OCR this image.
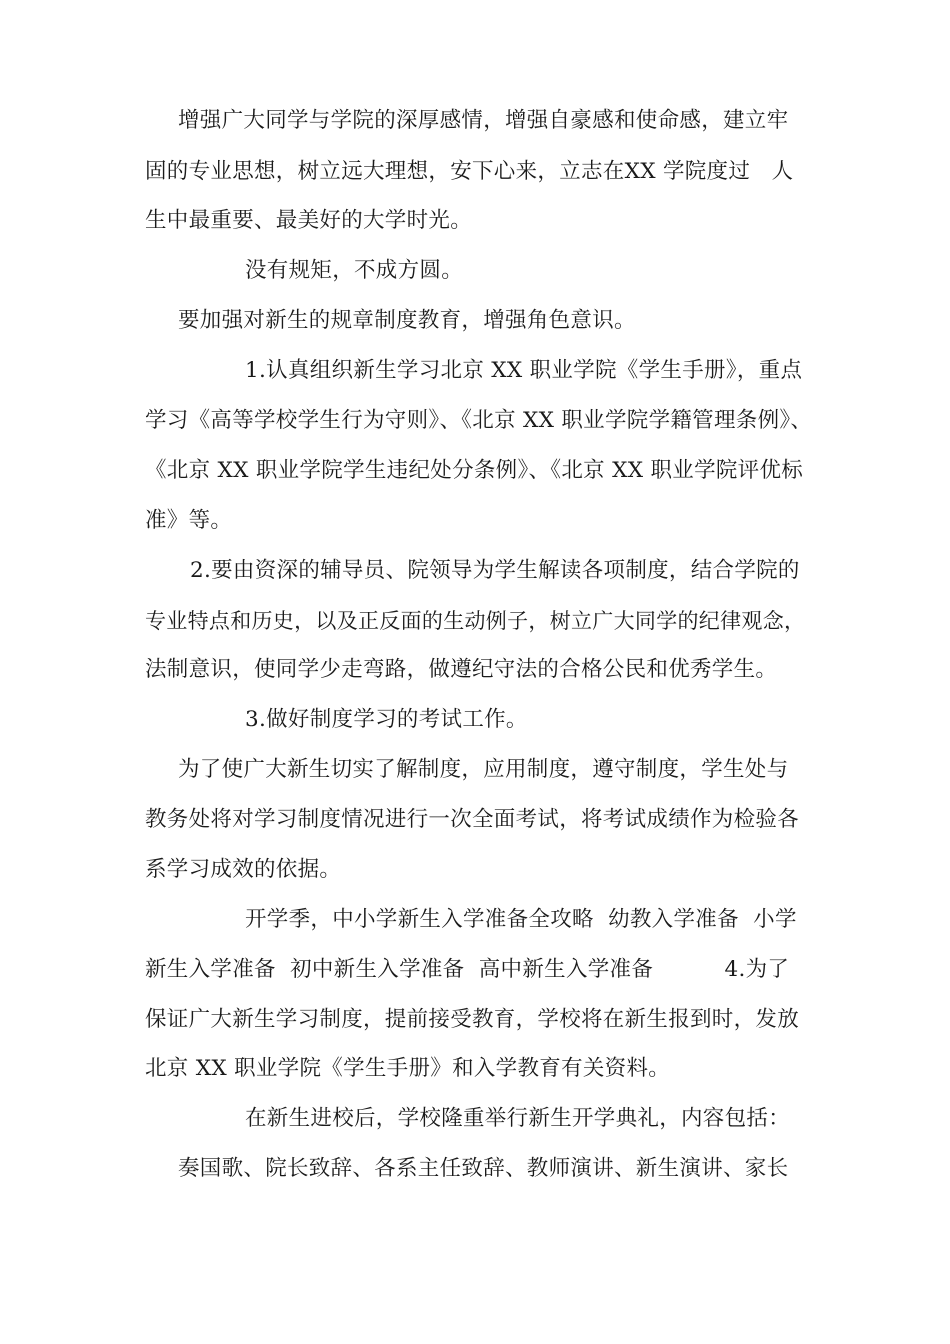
增强广大同学与学院的深厚感情，增强自豪感和使命感，建立牢
固的专业思想，树立远大理想，安下心来，立志在XX 学院度过   人
生中最重要、最美好的大学时光。
没有规矩，不成方圆。
要加强对新生的规章制度教育，增强角色意识。
1.认真组织新生学习北京 XX 职业学院《学生手册》，重点
学习《高等学校学生行为守则》、《北京 XX 职业学院学籍管理条例》、
《北京 XX 职业学院学生违纪处分条例》、《北京 XX 职业学院评优标
准》等。
2.要由资深的辅导员、院领导为学生解读各项制度，结合学院的
专业特点和历史，以及正反面的生动例子，树立广大同学的纪律观念，
法制意识，使同学少走弯路，做遵纪守法的合格公民和优秀学生。
3.做好制度学习的考试工作。
为了使广大新生切实了解制度，应用制度，遵守制度，学生处与
教务处将对学习制度情况进行一次全面考试，将考试成绩作为检验各
系学习成效的依据。
开学季，中小学新生入学准备全攻略  幼教入学准备  小学
新生入学准备  初中新生入学准备  高中新生入学准备          4.为了
保证广大新生学习制度，提前接受教育，学校将在新生报到时，发放
北京 XX 职业学院《学生手册》和入学教育有关资料。
在新生进校后，学校隆重举行新生开学典礼，内容包括：
奏国歌、院长致辞、各系主任致辞、教师演讲、新生演讲、家长
